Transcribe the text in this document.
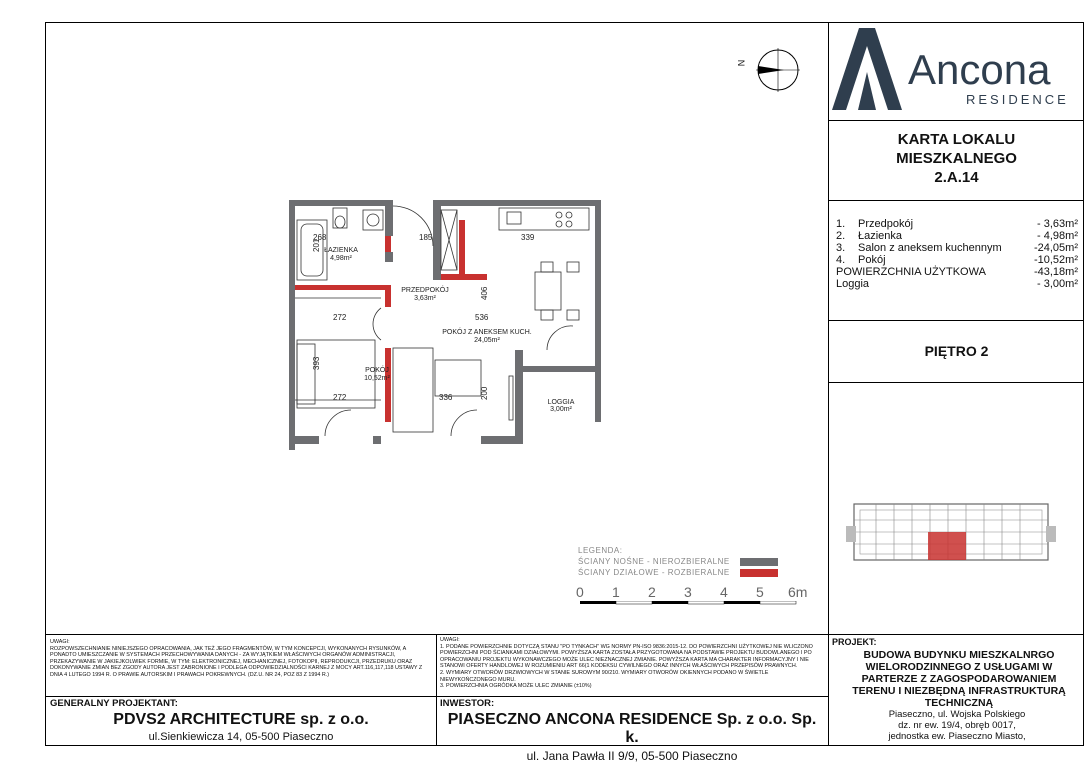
Ancona
RESIDENCE
N
KARTA LOKALU
MIESZKALNEGO
2.A.14
1. Przedpokój	- 3,63m²
2. Łazienka	- 4,98m²
3. Salon z aneksem kuchennym	-24,05m²
4. Pokój	-10,52m²
POWIERZCHNIA UŻYTKOWA	-43,18m²
Loggia	- 3,00m²
PIĘTRO 2
ŁAZIENKA
4,98m²
PRZEDPOKÓJ
3,63m²
POKÓJ Z ANEKSEM KUCH.
24,05m²
POKÓJ
10,52m²
LOGGIA
3,00m²
268
201
185	339
406
272	536
393
272	336	200
LEGENDA:
ŚCIANY NOŚNE - NIEROZBIERALNE
ŚCIANY DZIAŁOWE - ROZBIERALNE
0 1 2 3 4 5 6m
UWAGI:
ROZPOWSZECHNIANIE NINIEJSZEGO OPRACOWANIA, JAK TEŻ JEGO FRAGMENTÓW, W TYM KONCEPCJI, WYKONANYCH RYSUNKÓW, A PONADTO UMIESZCZANIE W SYSTEMACH PRZECHOWYWANIA DANYCH - ZA WYJĄTKIEM WŁAŚCIWYCH ORGANÓW ADMINISTRACJI, PRZEKAZYWANIE W JAKIEJKOLWIEK FORMIE, W TYM: ELEKTRONICZNEJ, MECHANICZNEJ, FOTOKOPII, REPRODUKCJI, PRZEDRUKU ORAZ DOKONYWANIE ZMIAN BEZ ZGODY AUTORA JEST ZABRONIONE I PODLEGA ODPOWIEDZIALNOŚCI KARNEJ Z MOCY ART.116,117,118 USTAWY Z DNIA 4 LUTEGO 1994 R. O PRAWIE AUTORSKIM I PRAWACH POKREWNYCH. (DZ.U. NR 24, POZ 83 Z 1994 R.)
UWAGI:
1. PODANE POWIERZCHNIE DOTYCZĄ STANU "PO TYNKACH" WG NORMY PN-ISO 9836:2015-12. DO POWIERZCHNI UŻYTKOWEJ NIE WLICZONO POWIERZCHNI POD ŚCIANKAMI DZIAŁOWYMI. POWYŻSZA KARTA ZOSTAŁA PRZYGOTOWANA NA PODSTAWIE PROJEKTU BUDOWLANEGO I PO OPRACOWANIU PROJEKTU WYKONAWCZEGO MOŻE ULEC NIEZNACZNEJ ZMIANIE. POWYŻSZA KARTA MA CHARAKTER INFORMACYJNY I NIE STANOWI OFERTY HANDLOWEJ W ROZUMIENIU ART 66(1 KODEKSU CYWILNEGO ORAZ INNYCH WŁAŚCIWYCH PRZEPISÓW PRAWNYCH.
2. WYMIARY OTWORÓW DRZWIOWYCH W STANIE SUROWYM 90/210. WYMIARY OTWORÓW OKIENNYCH PODANO W ŚWIETLE NIEWYKOŃCZONEGO MURU.
3. POWIERZCHNIA OGRÓDKA MOŻE ULEC ZMIANIE (±10%)
PROJEKT:
BUDOWA BUDYNKU MIESZKALNRGO WIELORODZINNEGO Z USŁUGAMI W PARTERZE Z ZAGOSPODAROWANIEM TERENU I NIEZBĘDNĄ INFRASTRUKTURĄ TECHNICZNĄ
Piaseczno, ul. Wojska Polskiego
dz. nr ew. 19/4, obręb 0017,
jednostka ew. Piaseczno Miasto,
GENERALNY PROJEKTANT:
PDVS2 ARCHITECTURE sp. z o.o.
ul.Sienkiewicza 14, 05-500 Piaseczno
INWESTOR:
PIASECZNO ANCONA RESIDENCE Sp. z o.o. Sp. k.
ul. Jana Pawła II 9/9, 05-500 Piaseczno
